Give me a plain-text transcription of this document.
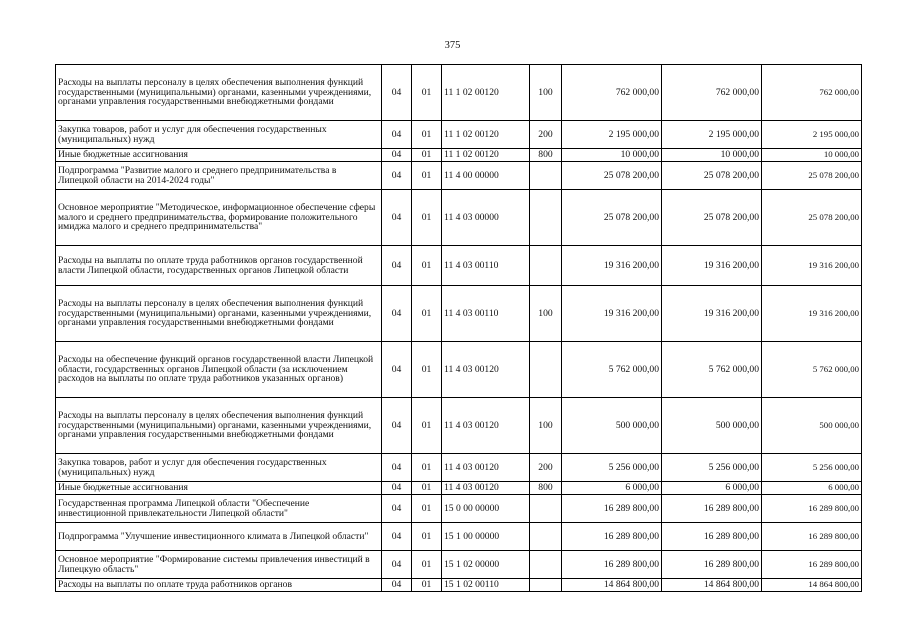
375
Расходы на выплаты персоналу в целях обеспечения выполнения функций государственными (муниципальными) органами, казенными учреждениями, органами управления государственными внебюджетными фондами	04	01	11 1 02 00120	100	762 000,00	762 000,00	762 000,00
Закупка товаров, работ и услуг для обеспечения государственных (муниципальных) нужд	04	01	11 1 02 00120	200	2 195 000,00	2 195 000,00	2 195 000,00
Иные бюджетные ассигнования	04	01	11 1 02 00120	800	10 000,00	10 000,00	10 000,00
Подпрограмма "Развитие малого и среднего предпринимательства в Липецкой области на 2014-2024 годы"	04	01	11 4 00 00000		25 078 200,00	25 078 200,00	25 078 200,00
Основное мероприятие "Методическое, информационное обеспечение сферы малого и среднего предпринимательства, формирование положительного имиджа малого и среднего предпринимательства"	04	01	11 4 03 00000		25 078 200,00	25 078 200,00	25 078 200,00
Расходы на выплаты по оплате труда работников органов государственной власти Липецкой области, государственных органов Липецкой области	04	01	11 4 03 00110		19 316 200,00	19 316 200,00	19 316 200,00
Расходы на выплаты персоналу в целях обеспечения выполнения функций государственными (муниципальными) органами, казенными учреждениями, органами управления государственными внебюджетными фондами	04	01	11 4 03 00110	100	19 316 200,00	19 316 200,00	19 316 200,00
Расходы на обеспечение функций органов государственной власти Липецкой области, государственных органов Липецкой области (за исключением расходов на выплаты по оплате труда работников указанных органов)	04	01	11 4 03 00120		5 762 000,00	5 762 000,00	5 762 000,00
Расходы на выплаты персоналу в целях обеспечения выполнения функций государственными (муниципальными) органами, казенными учреждениями, органами управления государственными внебюджетными фондами	04	01	11 4 03 00120	100	500 000,00	500 000,00	500 000,00
Закупка товаров, работ и услуг для обеспечения государственных (муниципальных) нужд	04	01	11 4 03 00120	200	5 256 000,00	5 256 000,00	5 256 000,00
Иные бюджетные ассигнования	04	01	11 4 03 00120	800	6 000,00	6 000,00	6 000,00
Государственная программа Липецкой области "Обеспечение инвестиционной привлекательности Липецкой области"	04	01	15 0 00 00000		16 289 800,00	16 289 800,00	16 289 800,00
Подпрограмма "Улучшение инвестиционного климата в Липецкой области"	04	01	15 1 00 00000		16 289 800,00	16 289 800,00	16 289 800,00
Основное мероприятие "Формирование системы привлечения инвестиций в Липецкую область"	04	01	15 1 02 00000		16 289 800,00	16 289 800,00	16 289 800,00
Расходы на выплаты по оплате труда работников органов	04	01	15 1 02 00110		14 864 800,00	14 864 800,00	14 864 800,00
